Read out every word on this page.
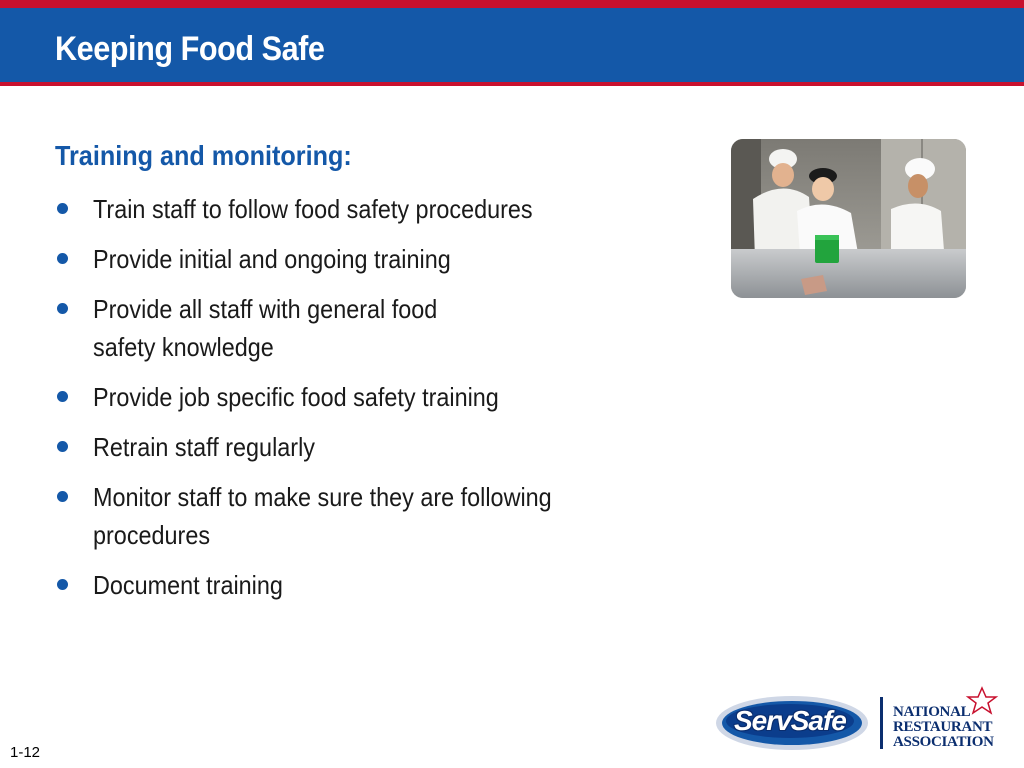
Keeping Food Safe
Training and monitoring:
Train staff to follow food safety procedures
Provide initial and ongoing training
Provide all staff with general food
safety knowledge
Provide job specific food safety training
Retrain staff regularly
Monitor staff to make sure they are following
procedures
Document training
1-12
ServSafe	NATIONAL
RESTAURANT
ASSOCIATION
